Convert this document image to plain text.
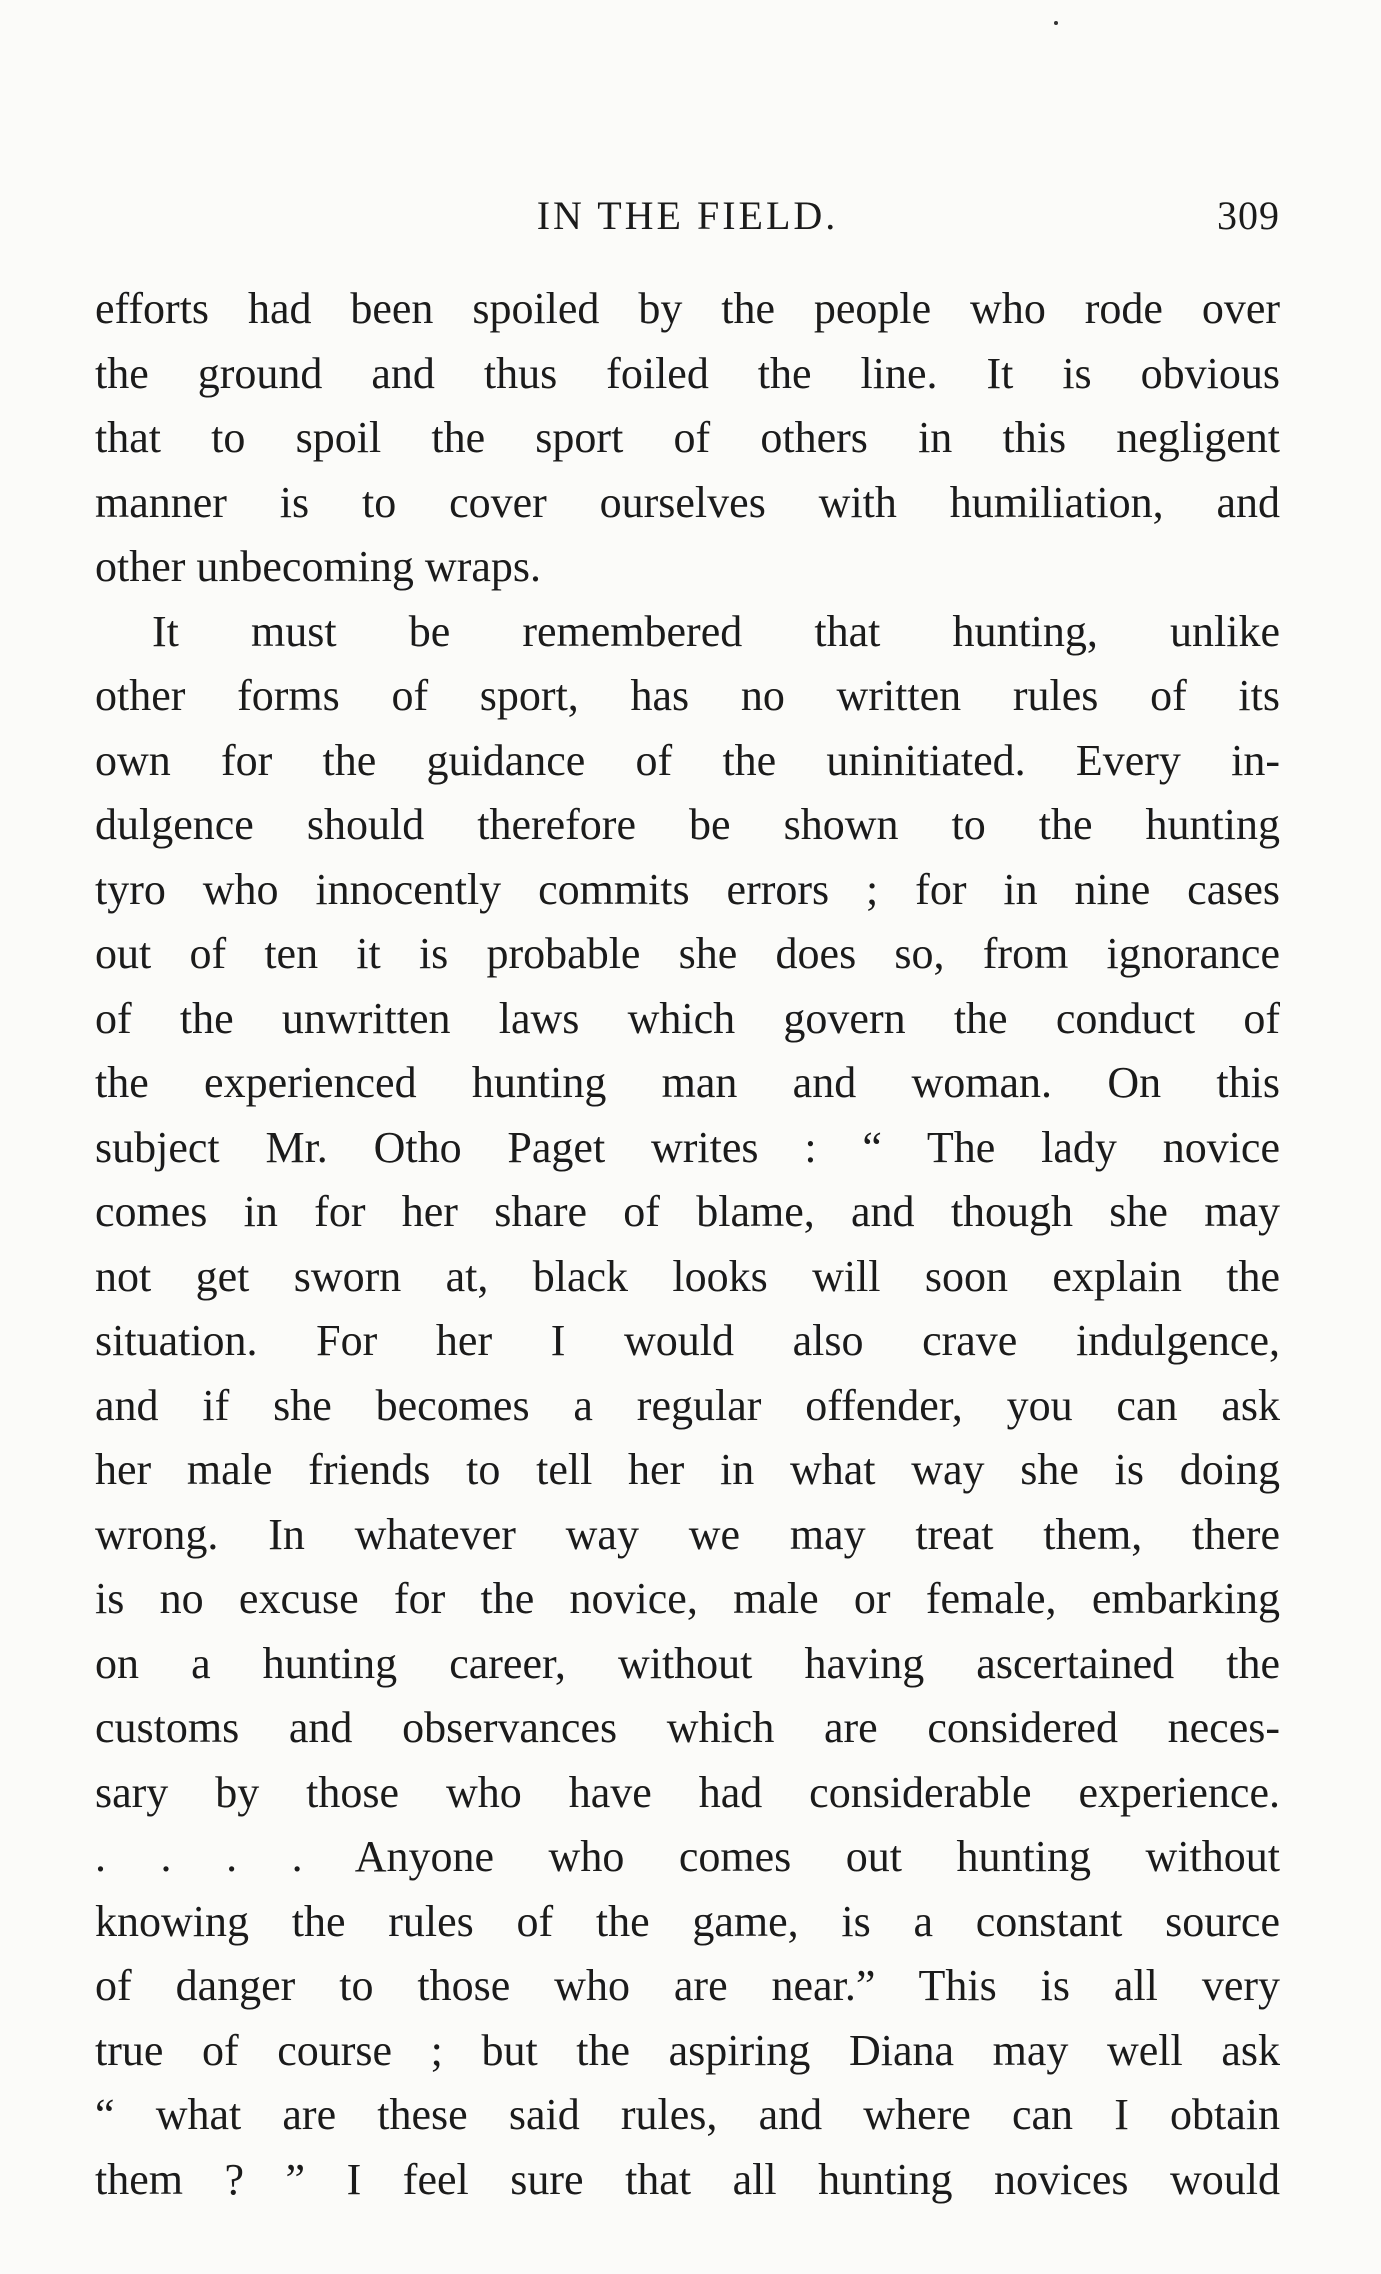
IN THE FIELD.	309
efforts had been spoiled by the people who rode over
the ground and thus foiled the line. It is obvious
that to spoil the sport of others in this negligent
manner is to cover ourselves with humiliation, and
other unbecoming wraps.
It must be remembered that hunting, unlike
other forms of sport, has no written rules of its
own for the guidance of the uninitiated. Every in-
dulgence should therefore be shown to the hunting
tyro who innocently commits errors ; for in nine cases
out of ten it is probable she does so, from ignorance
of the unwritten laws which govern the conduct of
the experienced hunting man and woman. On this
subject Mr. Otho Paget writes : “ The lady novice
comes in for her share of blame, and though she may
not get sworn at, black looks will soon explain the
situation. For her I would also crave indulgence,
and if she becomes a regular offender, you can ask
her male friends to tell her in what way she is doing
wrong. In whatever way we may treat them, there
is no excuse for the novice, male or female, embarking
on a hunting career, without having ascertained the
customs and observances which are considered neces-
sary by those who have had considerable experience.
. . . . Anyone who comes out hunting without
knowing the rules of the game, is a constant source
of danger to those who are near.” This is all very
true of course ; but the aspiring Diana may well ask
“ what are these said rules, and where can I obtain
them ? ” I feel sure that all hunting novices would
